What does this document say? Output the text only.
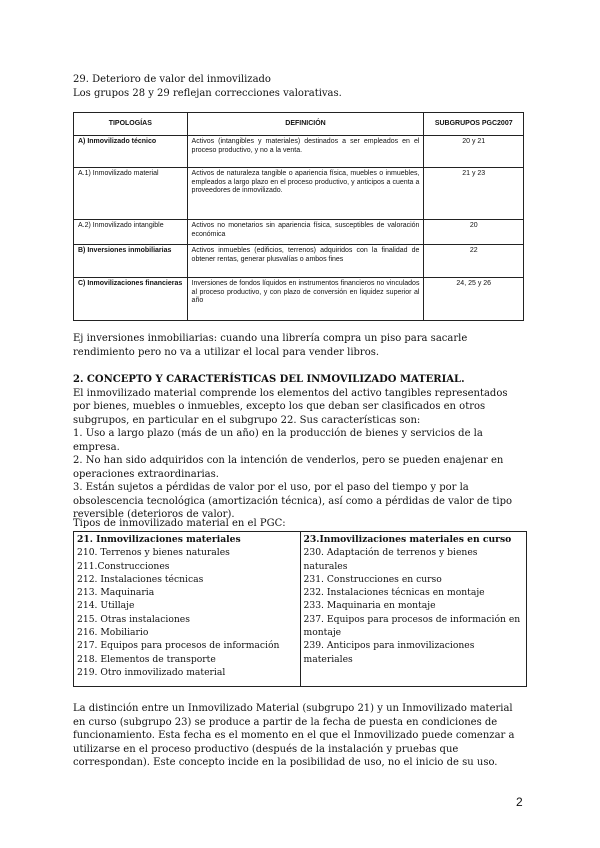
29. Deterioro de valor del inmovilizado

Los grupos 28 y 29 reflejan correcciones valorativas.

TIPOLOGÍAS	DEFINICIÓN	SUBGRUPOS PGC2007
A) Inmovilizado técnico	Activos (intangibles y materiales) destinados a ser empleados en el proceso productivo, y no a la venta.	20 y 21
A.1) Inmovilizado material	Activos de naturaleza tangible o apariencia física, muebles o inmuebles, empleados a largo plazo en el proceso productivo, y anticipos a cuenta a proveedores de inmovilizado.	21 y 23
A.2) Inmovilizado intangible	Activos no monetarios sin apariencia física, susceptibles de valoración económica	20
B) Inversiones inmobiliarias	Activos inmuebles (edificios, terrenos) adquiridos con la finalidad de obtener rentas, generar plusvalías o ambos fines	22
C) Inmovilizaciones financieras	Inversiones de fondos líquidos en instrumentos financieros no vinculados al proceso productivo, y con plazo de conversión en liquidez superior al año	24, 25 y 26

Ej inversiones inmobiliarias: cuando una librería compra un piso para sacarle rendimiento pero no va a utilizar el local para vender libros.

2. CONCEPTO Y CARACTERÍSTICAS DEL INMOVILIZADO MATERIAL.

El inmovilizado material comprende los elementos del activo tangibles representados por bienes, muebles o inmuebles, excepto los que deban ser clasificados en otros subgrupos, en particular en el subgrupo 22. Sus características son:

1. Uso a largo plazo (más de un año) en la producción de bienes y servicios de la empresa.

2. No han sido adquiridos con la intención de venderlos, pero se pueden enajenar en operaciones extraordinarias.

3. Están sujetos a pérdidas de valor por el uso, por el paso del tiempo y por la obsolescencia tecnológica (amortización técnica), así como a pérdidas de valor de tipo reversible (deterioros de valor).

Tipos de inmovilizado material en el PGC:

21. Inmovilizaciones materiales
210. Terrenos y bienes naturales
211.Construcciones
212. Instalaciones técnicas
213. Maquinaria
214. Utillaje
215. Otras instalaciones
216. Mobiliario
217. Equipos para procesos de información
218. Elementos de transporte
219. Otro inmovilizado material

23.Inmovilizaciones materiales en curso
230. Adaptación de terrenos y bienes naturales
231. Construcciones en curso
232. Instalaciones técnicas en montaje
233. Maquinaria en montaje
237. Equipos para procesos de información en montaje
239. Anticipos para inmovilizaciones materiales

La distinción entre un Inmovilizado Material (subgrupo 21) y un Inmovilizado material en curso (subgrupo 23) se produce a partir de la fecha de puesta en condiciones de funcionamiento. Esta fecha es el momento en el que el Inmovilizado puede comenzar a utilizarse en el proceso productivo (después de la instalación y pruebas que correspondan). Este concepto incide en la posibilidad de uso, no el inicio de su uso.

2
